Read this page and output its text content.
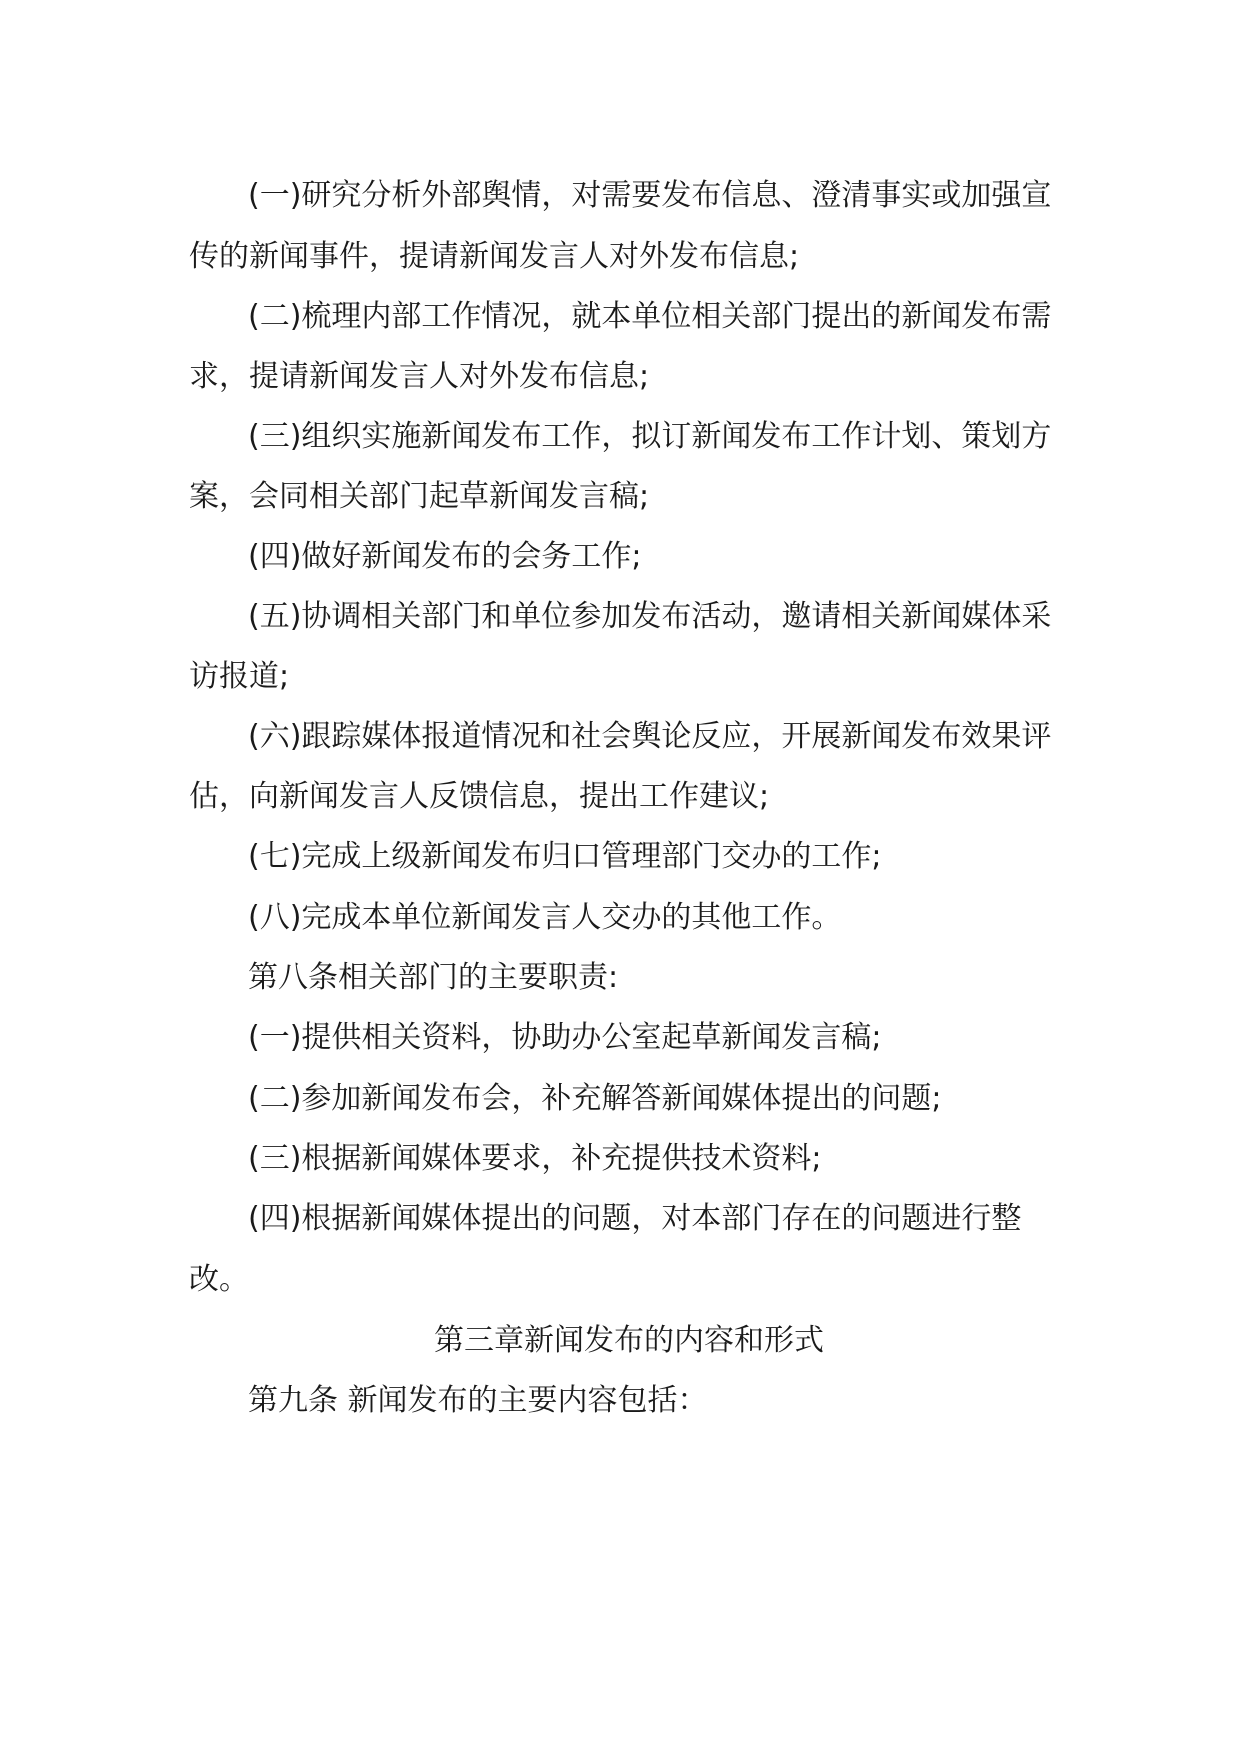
(一)研究分析外部舆情，对需要发布信息、澄清事实或加强宣
传的新闻事件，提请新闻发言人对外发布信息;
(二)梳理内部工作情况，就本单位相关部门提出的新闻发布需
求，提请新闻发言人对外发布信息;
(三)组织实施新闻发布工作，拟订新闻发布工作计划、策划方
案，会同相关部门起草新闻发言稿;
(四)做好新闻发布的会务工作;
(五)协调相关部门和单位参加发布活动，邀请相关新闻媒体采
访报道;
(六)跟踪媒体报道情况和社会舆论反应，开展新闻发布效果评
估，向新闻发言人反馈信息，提出工作建议;
(七)完成上级新闻发布归口管理部门交办的工作;
(八)完成本单位新闻发言人交办的其他工作。
第八条相关部门的主要职责:
(一)提供相关资料，协助办公室起草新闻发言稿;
(二)参加新闻发布会，补充解答新闻媒体提出的问题;
(三)根据新闻媒体要求，补充提供技术资料;
(四)根据新闻媒体提出的问题，对本部门存在的问题进行整
改。
第三章新闻发布的内容和形式
第九条 新闻发布的主要内容包括：
